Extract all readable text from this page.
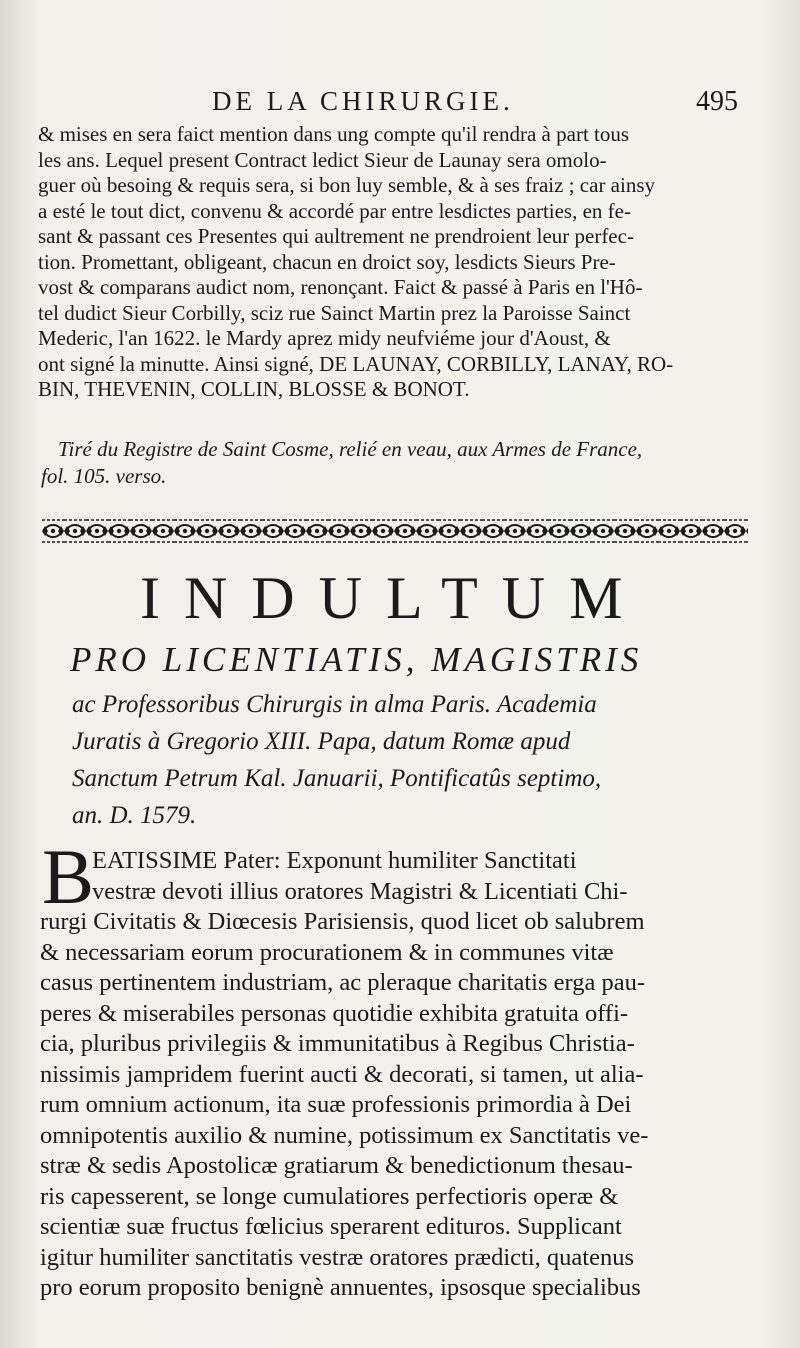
DE LA CHIRURGIE.	495
& mises en sera faict mention dans ung compte qu'il rendra à part tous
les ans. Lequel present Contract ledict Sieur de Launay sera omolo-
guer où besoing & requis sera, si bon luy semble, & à ses fraiz ; car ainsy
a esté le tout dict, convenu & accordé par entre lesdictes parties, en fe-
sant & passant ces Presentes qui aultrement ne prendroient leur perfec-
tion. Promettant, obligeant, chacun en droict soy, lesdicts Sieurs Pre-
vost & comparans audict nom, renonçant. Faict & passé à Paris en l'Hô-
tel dudict Sieur Corbilly, sciz rue Sainct Martin prez la Paroisse Sainct
Mederic, l'an 1622. le Mardy aprez midy neufviéme jour d'Aoust, &
ont signé la minutte. Ainsi signé, DE LAUNAY, CORBILLY, LANAY, RO-
BIN, THEVENIN, COLLIN, BLOSSE & BONOT.
Tiré du Registre de Saint Cosme, relié en veau, aux Armes de France,
fol. 105. verso.
INDULTUM
PRO LICENTIATIS, MAGISTRIS
ac Professoribus Chirurgis in alma Paris. Academia
Juratis à Gregorio XIII. Papa, datum Romæ apud
Sanctum Petrum Kal. Januarii, Pontificatûs septimo,
an. D. 1579.
B
EATISSIME Pater: Exponunt humiliter Sanctitati
vestræ devoti illius oratores Magistri & Licentiati Chi-
rurgi Civitatis & Diœcesis Parisiensis, quod licet ob salubrem
& necessariam eorum procurationem & in communes vitæ
casus pertinentem industriam, ac pleraque charitatis erga pau-
peres & miserabiles personas quotidie exhibita gratuita offi-
cia, pluribus privilegiis & immunitatibus à Regibus Christia-
nissimis jampridem fuerint aucti & decorati, si tamen, ut alia-
rum omnium actionum, ita suæ professionis primordia à Dei
omnipotentis auxilio & numine, potissimum ex Sanctitatis ve-
stræ & sedis Apostolicæ gratiarum & benedictionum thesau-
ris capesserent, se longe cumulatiores perfectioris operæ &
scientiæ suæ fructus fœlicius sperarent edituros. Supplicant
igitur humiliter sanctitatis vestræ oratores prædicti, quatenus
pro eorum proposito benignè annuentes, ipsosque specialibus
